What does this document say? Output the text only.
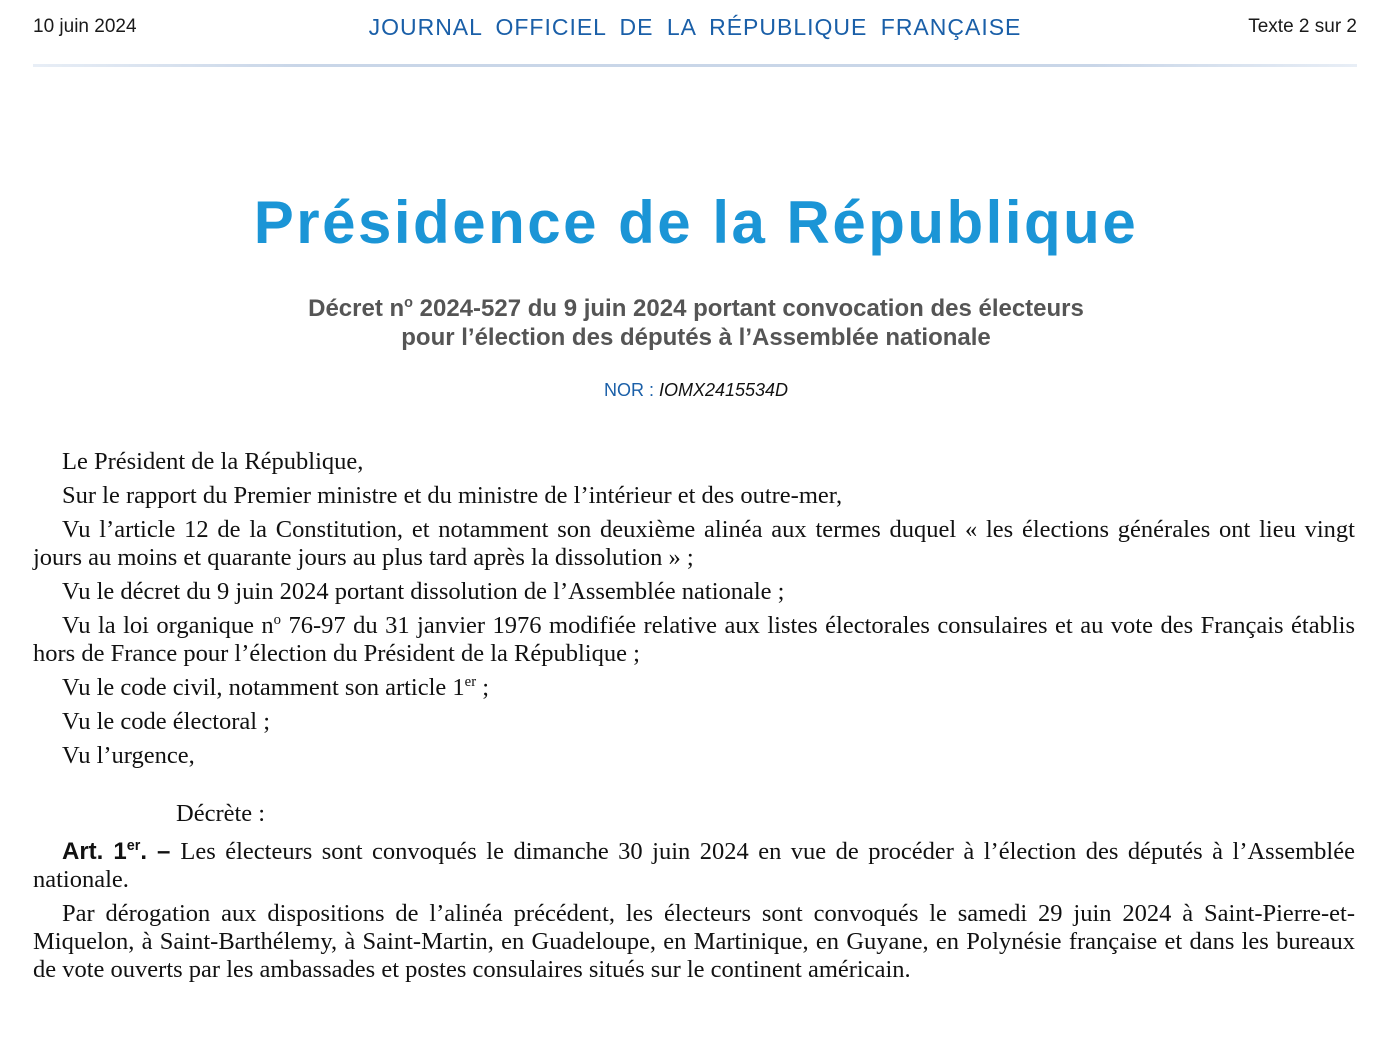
10 juin 2024	JOURNAL OFFICIEL DE LA RÉPUBLIQUE FRANÇAISE	Texte 2 sur 2
Présidence de la République
Décret $n^o$ 2024-527 du 9 juin 2024 portant convocation des électeurs
pour l’élection des députés à l’Assemblée nationale
NOR : IOMX2415534D

Le Président de la République,

Sur le rapport du Premier ministre et du ministre de l’intérieur et des outre-mer,

Vu l’article 12 de la Constitution, et notamment son deuxième alinéa aux termes duquel « les élections générales ont lieu vingt jours au moins et quarante jours au plus tard après la dissolution » ;

Vu le décret du 9 juin 2024 portant dissolution de l’Assemblée nationale ;

Vu la loi organique $n^o$ 76-97 du 31 janvier 1976 modifiée relative aux listes électorales consulaires et au vote des Français établis hors de France pour l’élection du Président de la République ;

Vu le code civil, notamment son article 1er ;

Vu le code électoral ;

Vu l’urgence,

Décrète :

Art. 1er. – Les électeurs sont convoqués le dimanche 30 juin 2024 en vue de procéder à l’élection des députés à l’Assemblée nationale.

Par dérogation aux dispositions de l’alinéa précédent, les électeurs sont convoqués le samedi 29 juin 2024 à Saint-Pierre-et-Miquelon, à Saint-Barthélemy, à Saint-Martin, en Guadeloupe, en Martinique, en Guyane, en Polynésie française et dans les bureaux de vote ouverts par les ambassades et postes consulaires situés sur le continent américain.
